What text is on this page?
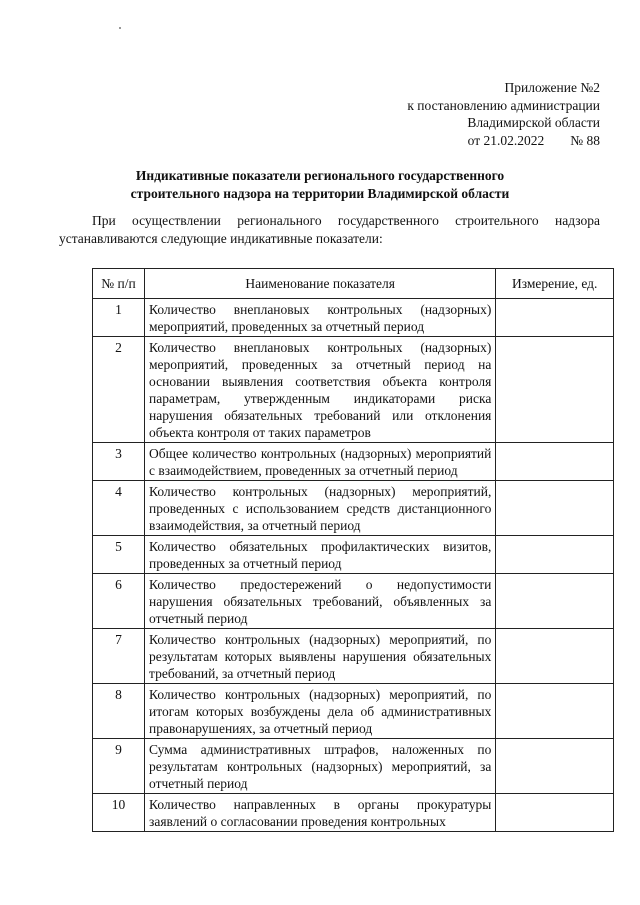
Приложение №2
к постановлению администрации
Владимирской области
от 21.02.2022 № 88
Индикативные показатели регионального государственного
строительного надзора на территории Владимирской области
При осуществлении регионального государственного строительного надзора устанавливаются следующие индикативные показатели:
№ п/п	Наименование показателя	Измерение, ед.
1	Количество внеплановых контрольных (надзорных) мероприятий, проведенных за отчетный период	
2	Количество внеплановых контрольных (надзорных) мероприятий, проведенных за отчетный период на основании выявления соответствия объекта контроля параметрам, утвержденным индикаторами риска нарушения обязательных требований или отклонения объекта контроля от таких параметров	
3	Общее количество контрольных (надзорных) мероприятий с взаимодействием, проведенных за отчетный период	
4	Количество контрольных (надзорных) мероприятий, проведенных с использованием средств дистанционного взаимодействия, за отчетный период	
5	Количество обязательных профилактических визитов, проведенных за отчетный период	
6	Количество предостережений о недопустимости нарушения обязательных требований, объявленных за отчетный период	
7	Количество контрольных (надзорных) мероприятий, по результатам которых выявлены нарушения обязательных требований, за отчетный период	
8	Количество контрольных (надзорных) мероприятий, по итогам которых возбуждены дела об административных правонарушениях, за отчетный период	
9	Сумма административных штрафов, наложенных по результатам контрольных (надзорных) мероприятий, за отчетный период	
10	Количество направленных в органы прокуратуры заявлений о согласовании проведения контрольных	
